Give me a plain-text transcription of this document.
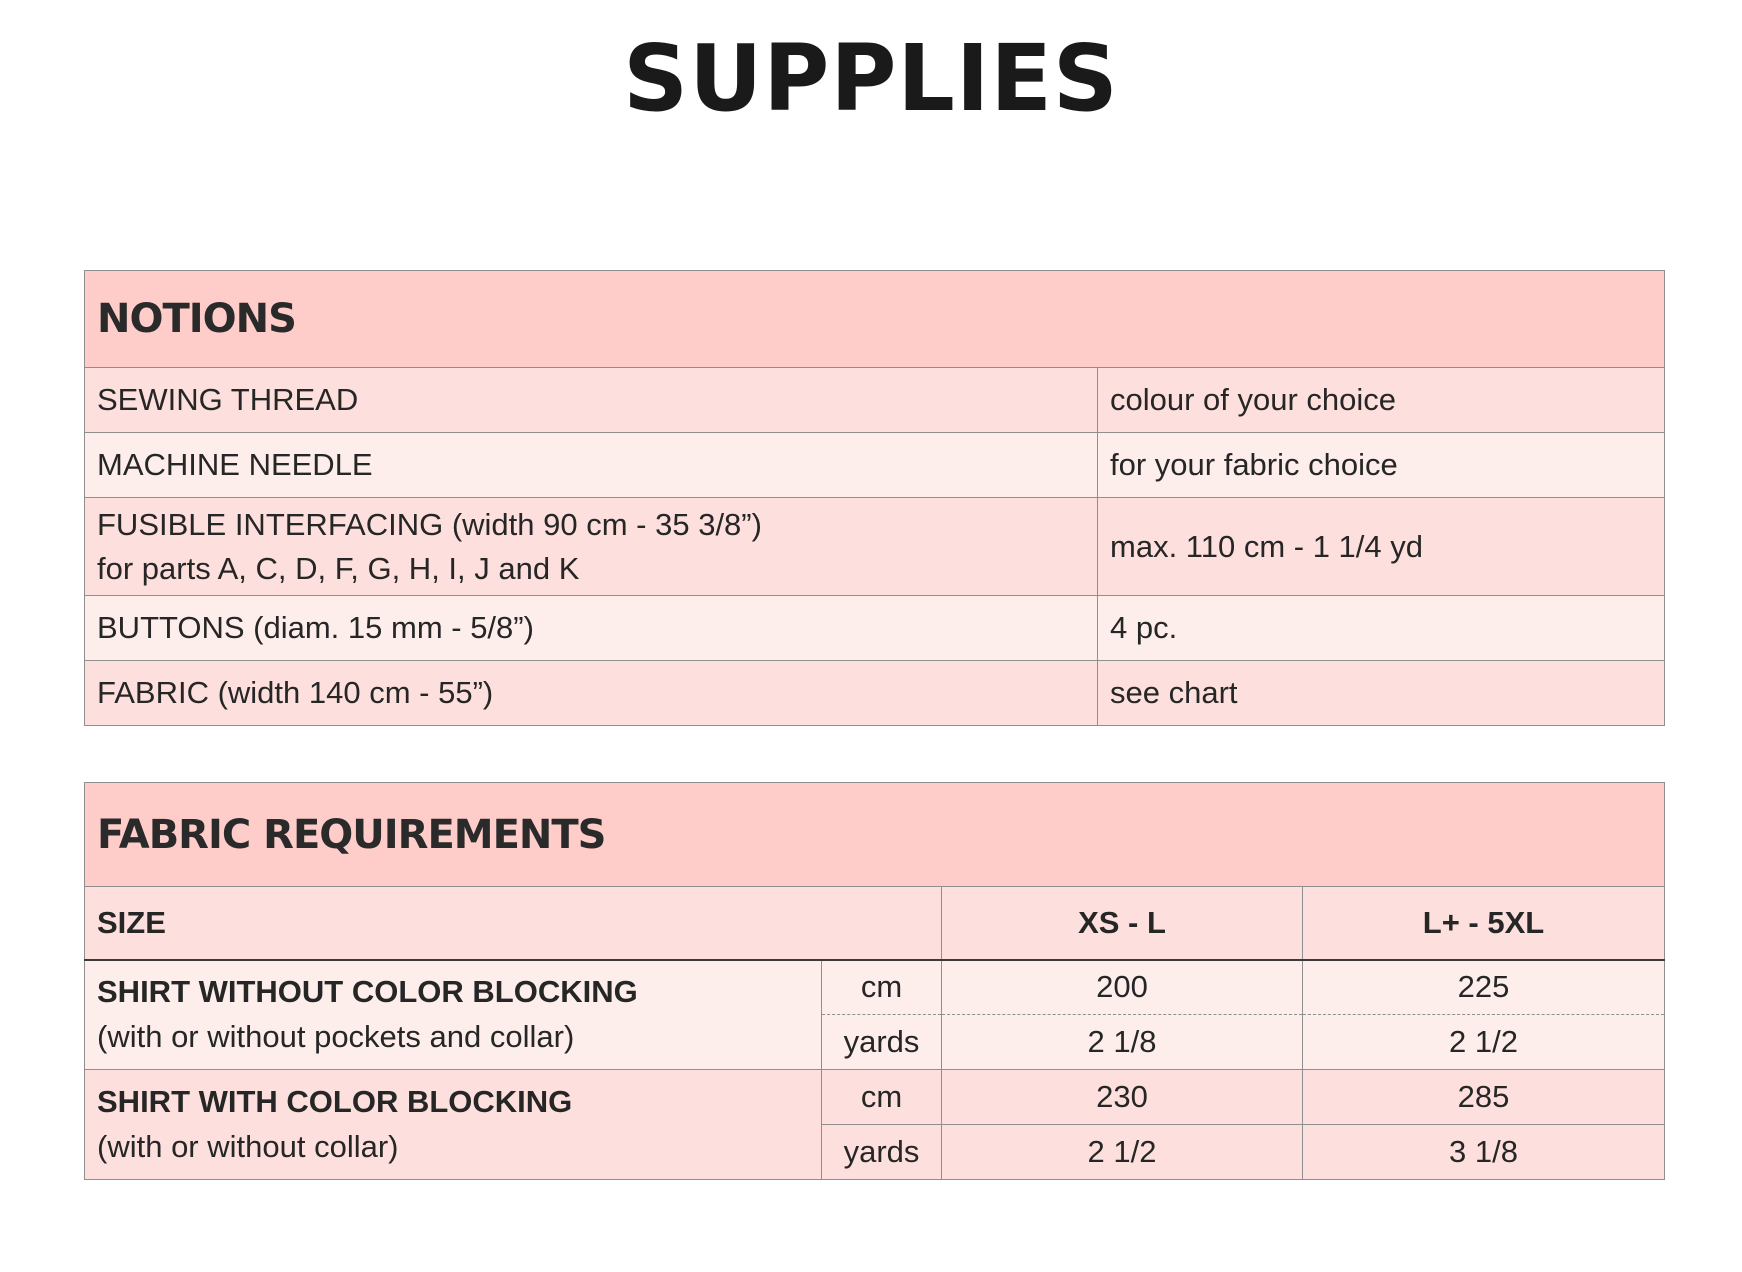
SUPPLIES
NOTIONS	
SEWING THREAD	colour of your choice
MACHINE NEEDLE	for your fabric choice

FUSIBLE INTERFACING (width 90 cm - 35 3/8”)
for parts A, C, D, F, G, H, I, J and K	max. 110 cm - 1 1/4 yd
BUTTONS (diam. 15 mm - 5/8”)	4 pc.
FABRIC (width 140 cm - 55”)	see chart
FABRIC REQUIREMENTS			
SIZE		XS - L	L+ - 5XL

SHIRT WITHOUT COLOR BLOCKING
(with or without pockets and collar)	cm	200	225
	yards	2 1/8	2 1/2

SHIRT WITH COLOR BLOCKING
(with or without collar)	cm	230	285
	yards	2 1/2	3 1/8
